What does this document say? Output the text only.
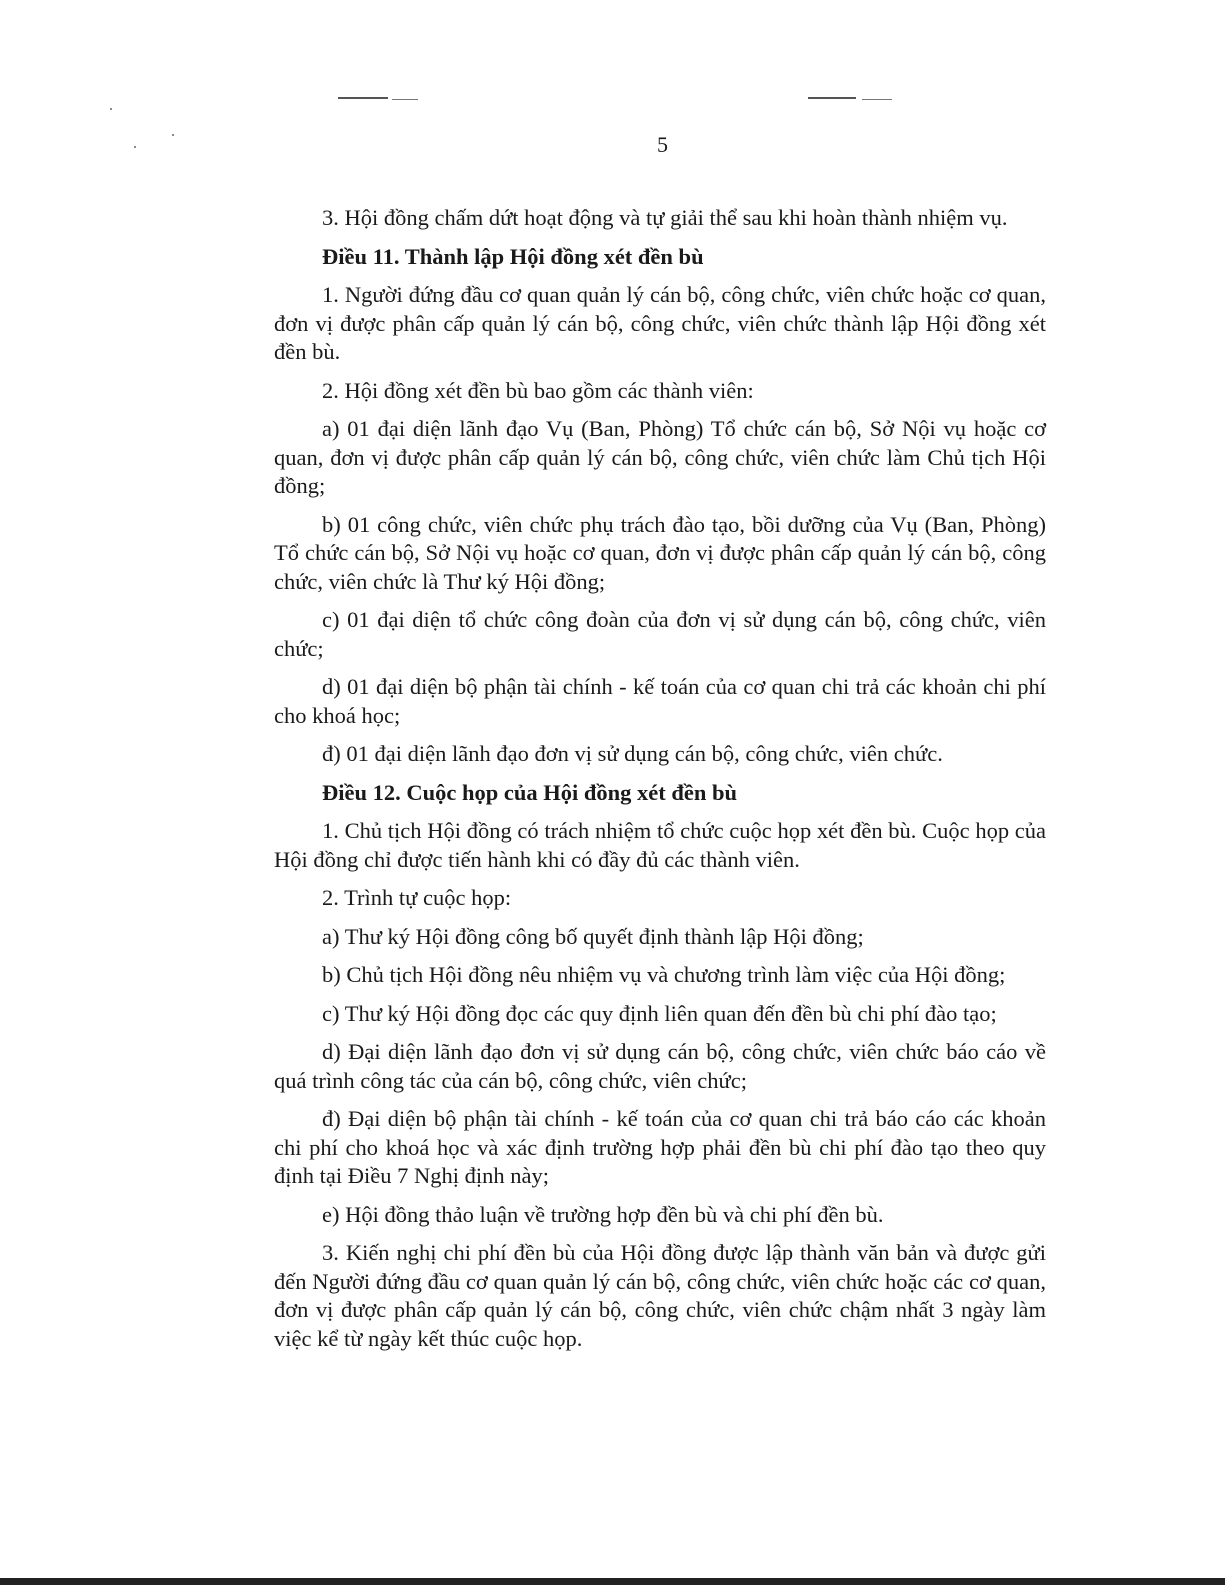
5

3. Hội đồng chấm dứt hoạt động và tự giải thể sau khi hoàn thành nhiệm vụ.

Điều 11. Thành lập Hội đồng xét đền bù

1. Người đứng đầu cơ quan quản lý cán bộ, công chức, viên chức hoặc cơ quan, đơn vị được phân cấp quản lý cán bộ, công chức, viên chức thành lập Hội đồng xét đền bù.

2. Hội đồng xét đền bù bao gồm các thành viên:

a) 01 đại diện lãnh đạo Vụ (Ban, Phòng) Tổ chức cán bộ, Sở Nội vụ hoặc cơ quan, đơn vị được phân cấp quản lý cán bộ, công chức, viên chức làm Chủ tịch Hội đồng;

b) 01 công chức, viên chức phụ trách đào tạo, bồi dưỡng của Vụ (Ban, Phòng) Tổ chức cán bộ, Sở Nội vụ hoặc cơ quan, đơn vị được phân cấp quản lý cán bộ, công chức, viên chức là Thư ký Hội đồng;

c) 01 đại diện tổ chức công đoàn của đơn vị sử dụng cán bộ, công chức, viên chức;

d) 01 đại diện bộ phận tài chính - kế toán của cơ quan chi trả các khoản chi phí cho khoá học;

đ) 01 đại diện lãnh đạo đơn vị sử dụng cán bộ, công chức, viên chức.

Điều 12. Cuộc họp của Hội đồng xét đền bù

1. Chủ tịch Hội đồng có trách nhiệm tổ chức cuộc họp xét đền bù. Cuộc họp của Hội đồng chỉ được tiến hành khi có đầy đủ các thành viên.

2. Trình tự cuộc họp:

a) Thư ký Hội đồng công bố quyết định thành lập Hội đồng;

b) Chủ tịch Hội đồng nêu nhiệm vụ và chương trình làm việc của Hội đồng;

c) Thư ký Hội đồng đọc các quy định liên quan đến đền bù chi phí đào tạo;

d) Đại diện lãnh đạo đơn vị sử dụng cán bộ, công chức, viên chức báo cáo về quá trình công tác của cán bộ, công chức, viên chức;

đ) Đại diện bộ phận tài chính - kế toán của cơ quan chi trả báo cáo các khoản chi phí cho khoá học và xác định trường hợp phải đền bù chi phí đào tạo theo quy định tại Điều 7 Nghị định này;

e) Hội đồng thảo luận về trường hợp đền bù và chi phí đền bù.

3. Kiến nghị chi phí đền bù của Hội đồng được lập thành văn bản và được gửi đến Người đứng đầu cơ quan quản lý cán bộ, công chức, viên chức hoặc các cơ quan, đơn vị được phân cấp quản lý cán bộ, công chức, viên chức chậm nhất 3 ngày làm việc kể từ ngày kết thúc cuộc họp.
